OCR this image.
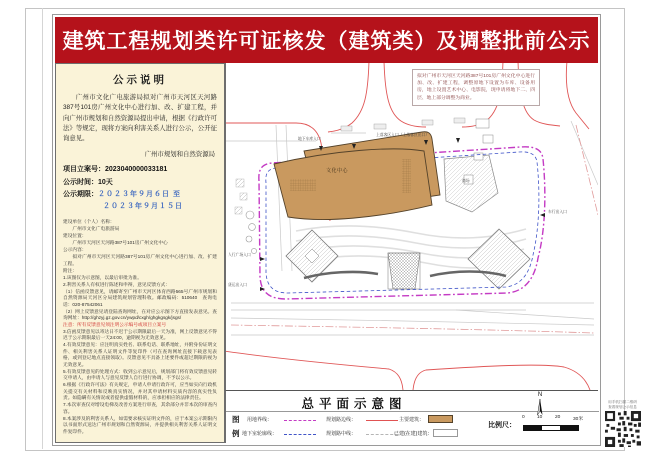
建筑工程规划类许可证核发（建筑类）及调整批前公示
公示说明
广州市文化广电旅游局拟对广州市天河区天河路387号101房广州文化中心进行加、改、扩建工程，并向广州市规划和自然资源局提出申请，根据《行政许可法》等规定，现将方案向利害关系人进行公示，公开征询意见。
广州市规划和自然资源局
项目立案号：2023040000033181
公示时间：10天
公示期限：２０２３年９月６日 至
２０２３年９月１５日
建设单位（个人）名称：
　　广州市文化广电旅游局
建设位置：
　　广州市天河区天河路387号101房广州文化中心
公示内容：
　　拟对广州市天河区天河路387号101房广州文化中心进行加、改、扩建工程。
附注：
1.该图仅为示意图，以最后审批为准。
2.利害关系人有权进行陈述和申辩，意见反馈方式：
（1）信函反馈意见，请邮寄至广州市天河区体育西路565号广州市规划和自然资源局天河区分局建筑规划管理科收。邮政编码：510640　查询电话：020-87542061
（2）网上反馈意见请登陆查询网址，在对应公示图下方直接发表意见。查询网址：http://ghzyj.gz.gov.cn/ywpd/cxgh/ghgkgsgk/jsgs/
注意：所有反馈意见须注明公示编号或项目立案号
3.信函反馈意见以寄达日不迟于公示期限最后一天为准，网上反馈意见不得迟于公示期限最后一天24:00，逾期视为无效意见。
4.有效反馈意见：应注明真实姓名、联系电话、联系地址，并附身份证明文件、相关利害关系人证明文件等复印件（可在查询网址直接下载意见表格，或到登记地点直接领取）。反馈意见不具备上述要件或超过期限的视为无效意见。
5.有效反馈意见的处理方式：收到公示意见后，规划部门将有效反馈意见转交申请人，由申请人与意见反馈人自行进行协调，不予以公示。
6.根据《行政许可法》有关规定，申请人申请行政许可，应当如实向行政机关提交有关材料和反映真实情况，并对其申请材料实质内容的真实性负责。如隐瞒有关情况或者提供虚假材料的，应承担相应的法律责任。
7.本次审查仅对增设电梯及改善方案进行审查，其余部分并非本次的审查内容。
8.本案涉及的利害关系人，如需要求核实证明文件的，应于本案公示期限内以书面形式送达广州市规划和自然资源局，并提供相关利害关系人证明文件复印件。
拟对广州市天河区天河路387号101房广州文化中心进行加、改、扩建工程，调整原地下设置为车库、设备用房，地上设置艺术中心、电影院，现申请将地下二、四层、地上部分调整为商业。
地下车库入口
上落客区入口（上落客区出口）
文化中心
商场
人行广场入口
货运出入口
车行出入口
总平面示意图
图
例
用地界线：	规划路边线：	主要建筑：
地下室轮廓线：	规划路中线：	已建(在建)建筑：
N
比例尺：
0	10	20	30米
用手机扫描二维码
查看规划公示信息
